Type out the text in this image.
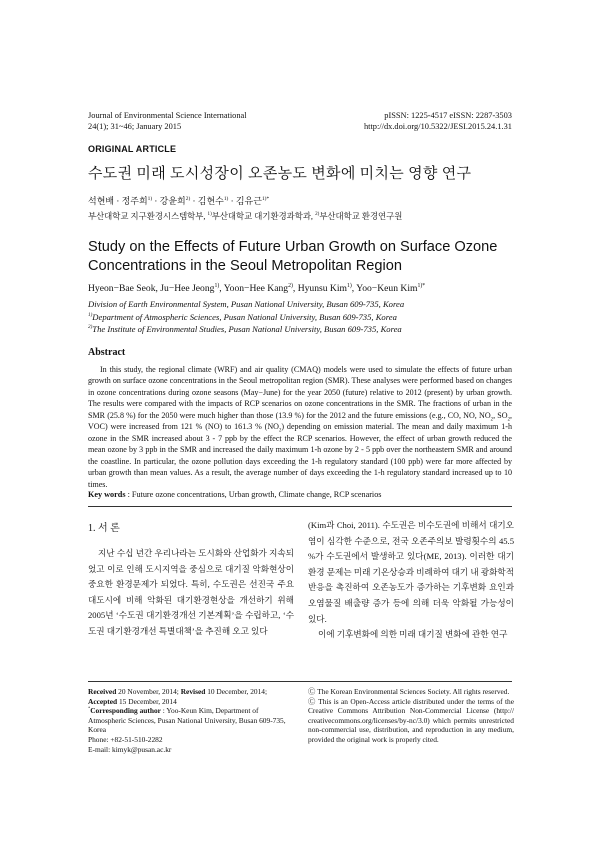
Journal of Environmental Science International
24(1); 31~46; January 2015
pISSN: 1225-4517 eISSN: 2287-3503
http://dx.doi.org/10.5322/JESI.2015.24.1.31
ORIGINAL ARTICLE
수도권 미래 도시성장이 오존농도 변화에 미치는 영향 연구
석현배 · 정주희$^{1)}$ · 강윤희$^{2)}$ · 김현수$^{1)}$ · 김유근$^{1)*}$
부산대학교 지구환경시스템학부, $^{1)}$부산대학교 대기환경과학과, $^{2)}$부산대학교 환경연구원
Study on the Effects of Future Urban Growth on Surface Ozone Concentrations in the Seoul Metropolitan Region
Hyeon−Bae Seok, Ju−Hee Jeong$^{1)}$, Yoon−Hee Kang$^{2)}$, Hyunsu Kim$^{1)}$, Yoo−Keun Kim$^{1)*}$
Division of Earth Environmental System, Pusan National University, Busan 609-735, Korea
$^{1)}$Department of Atmospheric Sciences, Pusan National University, Busan 609-735, Korea
$^{2)}$The Institute of Environmental Studies, Pusan National University, Busan 609-735, Korea
Abstract
In this study, the regional climate (WRF) and air quality (CMAQ) models were used to simulate the effects of future urban growth on surface ozone concentrations in the Seoul metropolitan region (SMR). These analyses were performed based on changes in ozone concentrations during ozone seasons (May−June) for the year 2050 (future) relative to 2012 (present) by urban growth. The results were compared with the impacts of RCP scenarios on ozone concentrations in the SMR. The fractions of urban in the SMR (25.8 %) for the 2050 were much higher than those (13.9 %) for the 2012 and the future emissions (e.g., CO, NO, $NO_2$, $SO_2$, VOC) were increased from 121 % (NO) to 161.3 % $(NO_2)$ depending on emission material. The mean and daily maximum 1-h ozone in the SMR increased about 3 - 7 ppb by the effect the RCP scenarios. However, the effect of urban growth reduced the mean ozone by 3 ppb in the SMR and increased the daily maximum 1-h ozone by 2 - 5 ppb over the northeastern SMR and around the coastline. In particular, the ozone pollution days exceeding the 1-h regulatory standard (100 ppb) were far more affected by urban growth than mean values. As a result, the average number of days exceeding the 1-h regulatory standard increased up to 10 times.
Key words : Future ozone concentrations, Urban growth, Climate change, RCP scenarios
1. 서 론
지난 수십 년간 우리나라는 도시화와 산업화가 지속되었고 이로 인해 도시지역을 중심으로 대기질 악화현상이 중요한 환경문제가 되었다. 특히, 수도권은 선진국 주요 대도시에 비해 악화된 대기환경현상을 개선하기 위해 2005년 ‘수도권 대기환경개선 기본계획’을 수립하고, ‘수도권 대기환경개선 특별대책’을 추진해 오고 있다
(Kim과 Choi, 2011). 수도권은 비수도권에 비해서 대기오염이 심각한 수준으로, 전국 오존주의보 발령횟수의 45.5 %가 수도권에서 발생하고 있다(ME, 2013). 이러한 대기환경 문제는 미래 기온상승과 비례하여 대기 내 광화학적 반응을 촉진하여 오존농도가 증가하는 기후변화 요인과 오염물질 배출량 증가 등에 의해 더욱 악화될 가능성이 있다.
이에 기후변화에 의한 미래 대기질 변화에 관한 연구
Received 20 November, 2014; Revised 10 December, 2014;
Accepted 15 December, 2014
*Corresponding author : Yoo-Keun Kim, Department of Atmospheric Sciences, Pusan National University, Busan 609-735, Korea
Phone: +82-51-510-2282
E-mail: kimyk@pusan.ac.kr
Ⓒ The Korean Environmental Sciences Society. All rights reserved.
Ⓒ This is an Open-Access article distributed under the terms of the Creative Commons Attribution Non-Commercial License (http:// creativecommons.org/licenses/by-nc/3.0) which permits unrestricted non-commercial use, distribution, and reproduction in any medium, provided the original work is properly cited.
